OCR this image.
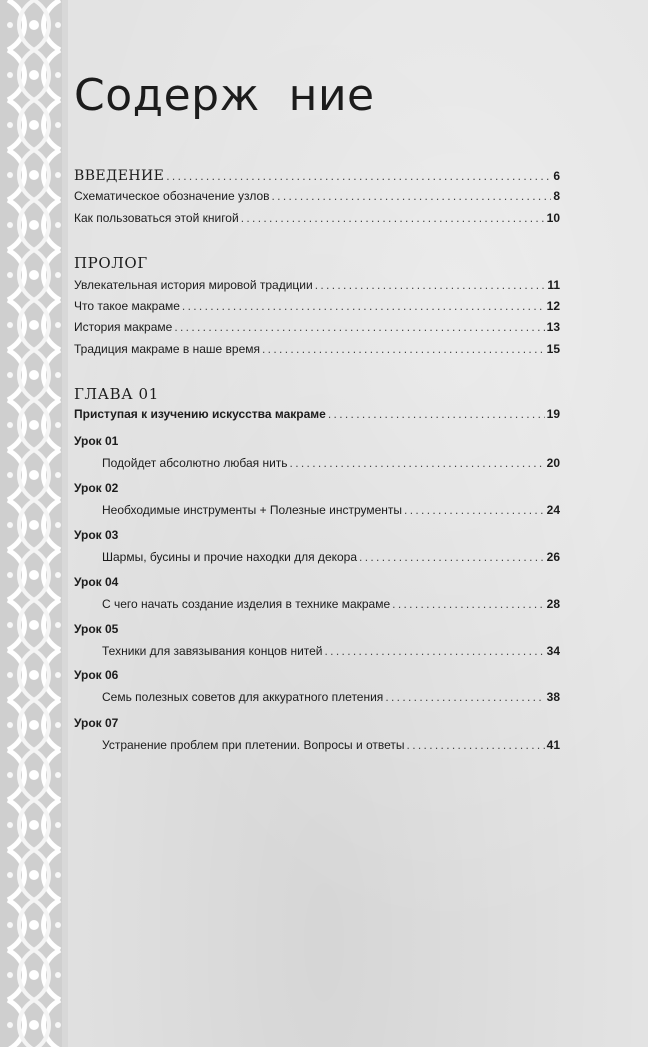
Содерж  ние
ВВЕДЕНИЕ . . .	6
Схематическое обозначение узлов . . .	8
Как пользоваться этой книгой . . .	10
ПРОЛОГ
Увлекательная история мировой традиции . . .	11
Что такое макраме . . .	12
История макраме . . .	13
Традиция макраме в наше время . . .	15
ГЛАВА 01
Приступая к изучению искусства макраме . . .	19
Урок 01
Подойдет абсолютно любая нить . . .	20
Урок 02
Необходимые инструменты + Полезные инструменты . . .	24
Урок 03
Шармы, бусины и прочие находки для декора . . .	26
Урок 04
С чего начать создание изделия в технике макраме . . .	28
Урок 05
Техники для завязывания концов нитей . . .	34
Урок 06
Семь полезных советов для аккуратного плетения . . .	38
Урок 07
Устранение проблем при плетении. Вопросы и ответы . . .	41
